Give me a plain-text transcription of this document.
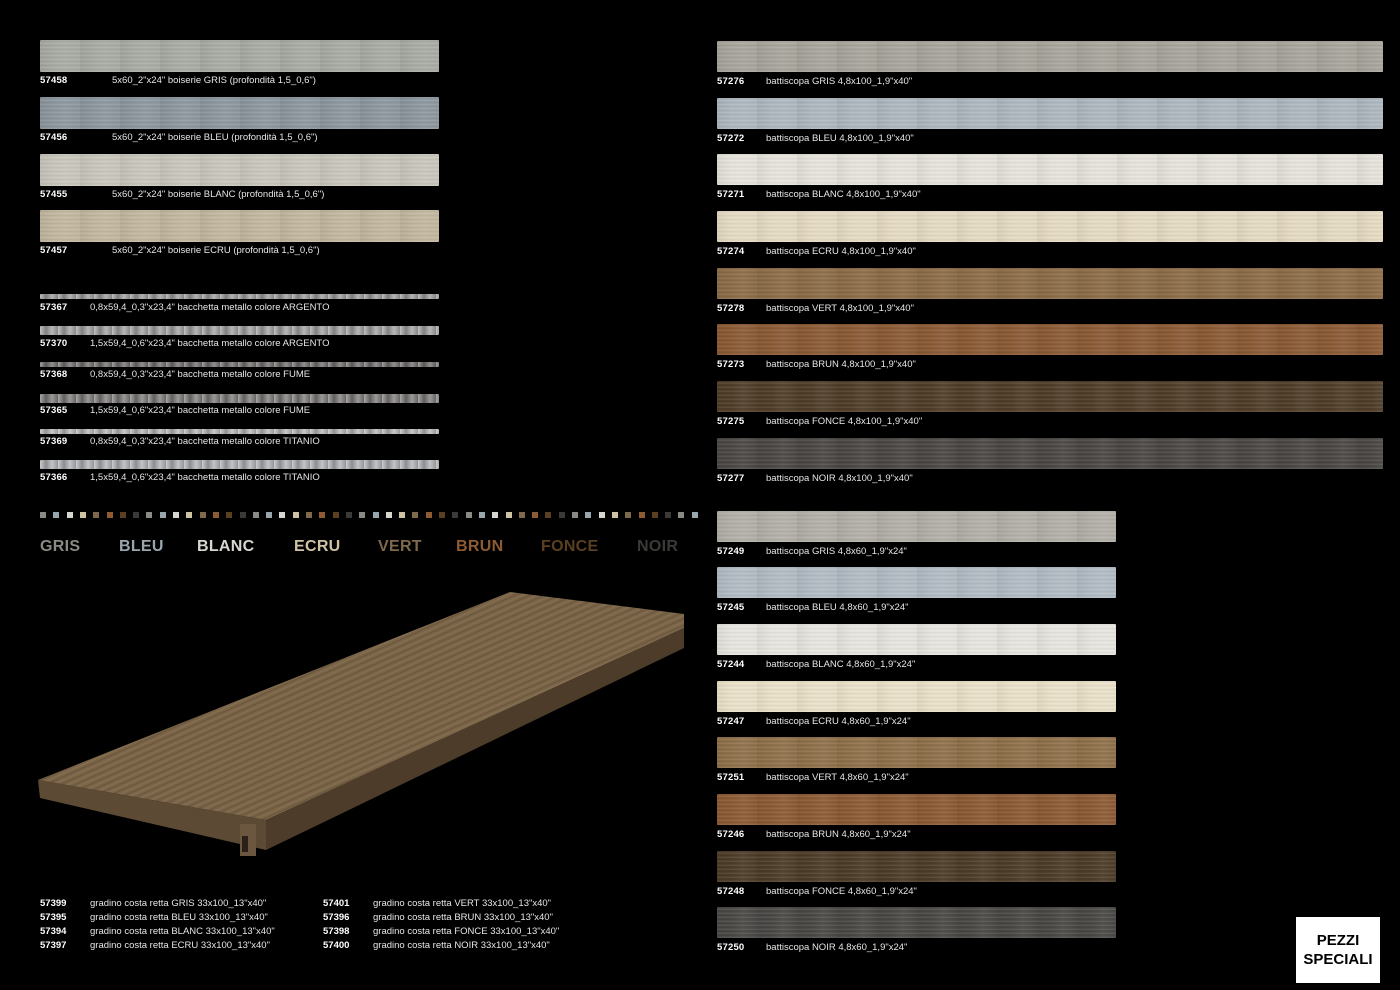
57458	5x60_2"x24" boiserie GRIS (profondità 1,5_0,6")
57456	5x60_2"x24" boiserie BLEU (profondità 1,5_0,6")
57455	5x60_2"x24" boiserie BLANC (profondità 1,5_0,6")
57457	5x60_2"x24" boiserie ECRU (profondità 1,5_0,6")
57367 0,8x59,4_0,3"x23,4" bacchetta metallo colore ARGENTO
57370 1,5x59,4_0,6"x23,4" bacchetta metallo colore ARGENTO
57368 0,8x59,4_0,3"x23,4" bacchetta metallo colore FUME
57365 1,5x59,4_0,6"x23,4" bacchetta metallo colore FUME
57369 0,8x59,4_0,3"x23,4" bacchetta metallo colore TITANIO
57366 1,5x59,4_0,6"x23,4" bacchetta metallo colore TITANIO
GRIS BLEU BLANC ECRU VERT BRUN FONCE NOIR
57399 gradino costa retta GRIS 33x100_13"x40"
57395 gradino costa retta BLEU 33x100_13"x40"
57394 gradino costa retta BLANC 33x100_13"x40"
57397 gradino costa retta ECRU 33x100_13"x40"
57401 gradino costa retta VERT 33x100_13"x40"
57396 gradino costa retta BRUN 33x100_13"x40"
57398 gradino costa retta FONCE 33x100_13"x40"
57400 gradino costa retta NOIR 33x100_13"x40"
57276 battiscopa GRIS 4,8x100_1,9"x40"
57272 battiscopa BLEU 4,8x100_1,9"x40"
57271 battiscopa BLANC 4,8x100_1,9"x40"
57274 battiscopa ECRU 4,8x100_1,9"x40"
57278 battiscopa VERT 4,8x100_1,9"x40"
57273 battiscopa BRUN 4,8x100_1,9"x40"
57275 battiscopa FONCE 4,8x100_1,9"x40"
57277 battiscopa NOIR 4,8x100_1,9"x40"
57249 battiscopa GRIS 4,8x60_1,9"x24"
57245 battiscopa BLEU 4,8x60_1,9"x24"
57244 battiscopa BLANC 4,8x60_1,9"x24"
57247 battiscopa ECRU 4,8x60_1,9"x24"
57251 battiscopa VERT 4,8x60_1,9"x24"
57246 battiscopa BRUN 4,8x60_1,9"x24"
57248 battiscopa FONCE 4,8x60_1,9"x24"
57250 battiscopa NOIR 4,8x60_1,9"x24"	PEZZI
SPECIALI
